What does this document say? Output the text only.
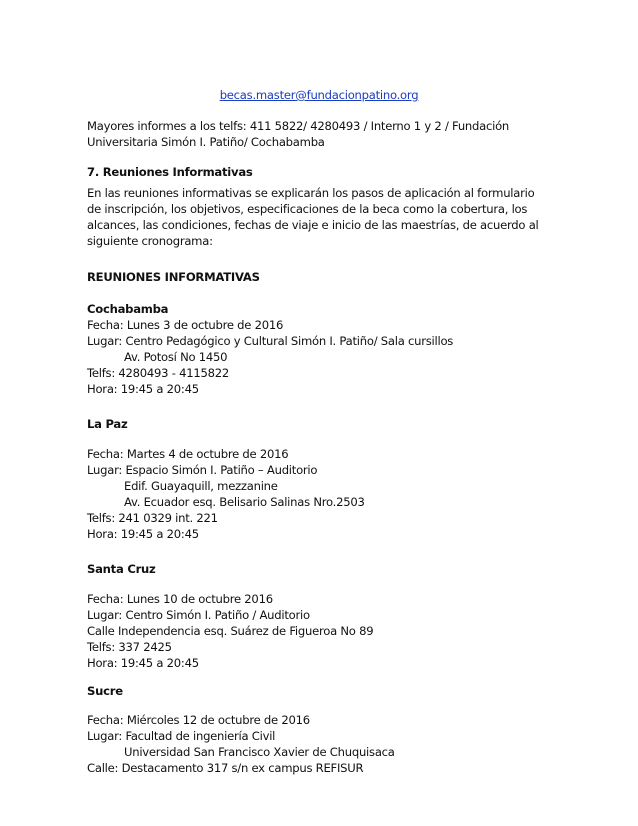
becas.master@fundacionpatino.org
Mayores informes a los telfs: 411 5822/ 4280493 / Interno 1 y 2 / Fundación
Universitaria Simón I. Patiño/ Cochabamba
7. Reuniones Informativas
En las reuniones informativas se explicarán los pasos de aplicación al formulario
de inscripción, los objetivos, especificaciones de la beca como la cobertura, los
alcances, las condiciones, fechas de viaje e inicio de las maestrías, de acuerdo al
siguiente cronograma:
REUNIONES INFORMATIVAS
Cochabamba
Fecha: Lunes 3 de octubre de 2016
Lugar: Centro Pedagógico y Cultural Simón I. Patiño/ Sala cursillos
Av. Potosí No 1450
Telfs: 4280493 - 4115822
Hora: 19:45 a 20:45
La Paz
Fecha: Martes 4 de octubre de 2016
Lugar: Espacio Simón I. Patiño – Auditorio
Edif. Guayaquill, mezzanine
Av. Ecuador esq. Belisario Salinas Nro.2503
Telfs: 241 0329 int. 221
Hora: 19:45 a 20:45
Santa Cruz
Fecha: Lunes 10 de octubre 2016
Lugar: Centro Simón I. Patiño / Auditorio
Calle Independencia esq. Suárez de Figueroa No 89
Telfs: 337 2425
Hora: 19:45 a 20:45
Sucre
Fecha: Miércoles 12 de octubre de 2016
Lugar: Facultad de ingeniería Civil
Universidad San Francisco Xavier de Chuquisaca
Calle: Destacamento 317 s/n ex campus REFISUR
